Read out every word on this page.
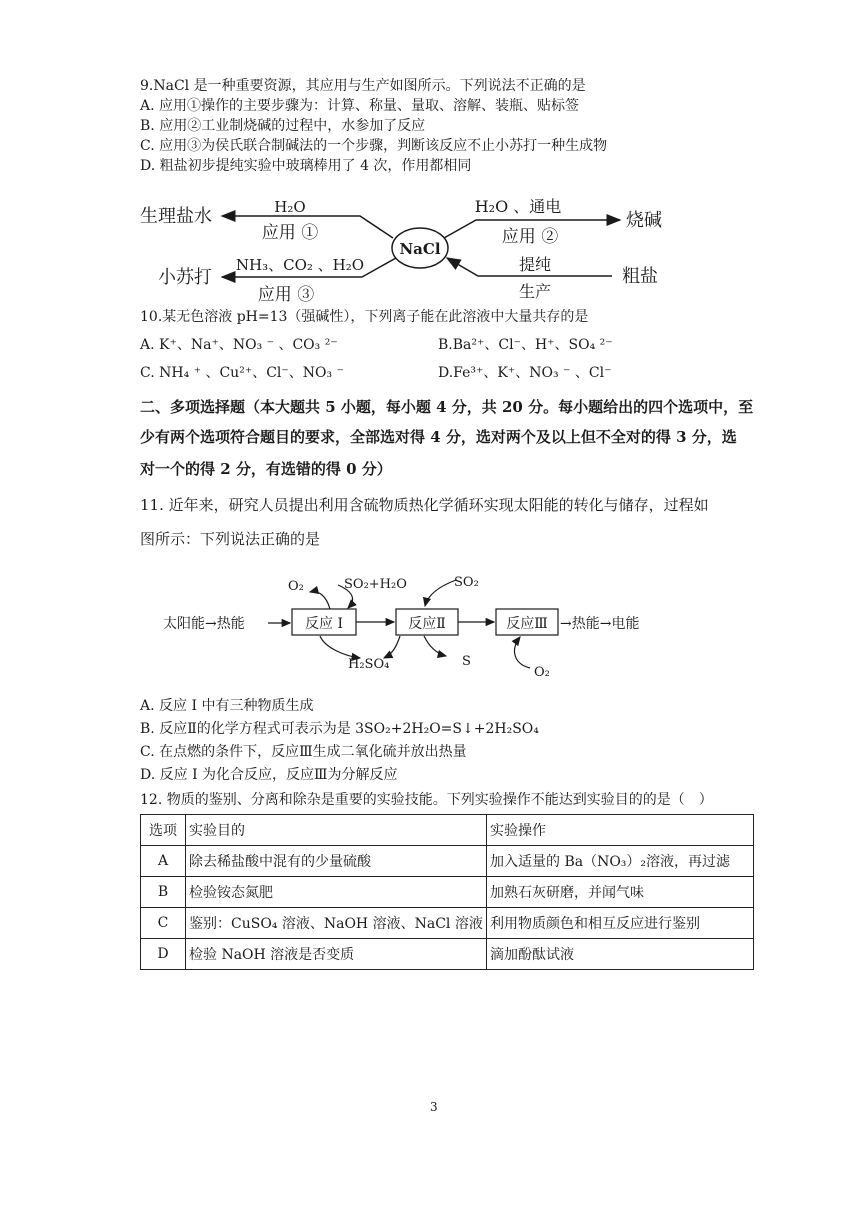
9.NaCl 是一种重要资源，其应用与生产如图所示。下列说法不正确的是
A. 应用①操作的主要步骤为：计算、称量、量取、溶解、装瓶、贴标签
B. 应用②工业制烧碱的过程中，水参加了反应
C. 应用③为侯氏联合制碱法的一个步骤，判断该反应不止小苏打一种生成物
D. 粗盐初步提纯实验中玻璃棒用了 4 次，作用都相同
NaCl
生理盐水	H₂O
应用 ①
小苏打
NH₃、CO₂ 、H₂O
应用 ③
烧碱
H₂O 、通电
应用 ②
粗盐
提纯
生产
10.某无色溶液 pH=13（强碱性），下列离子能在此溶液中大量共存的是
A. K⁺、Na⁺、NO₃ ⁻ 、CO₃ ²⁻	B.Ba²⁺、Cl⁻、H⁺、SO₄ ²⁻
C. NH₄ ⁺ 、Cu²⁺、Cl⁻、NO₃ ⁻	D.Fe³⁺、K⁺、NO₃ ⁻ 、Cl⁻
二、多项选择题（本大题共 5 小题，每小题 4 分，共 20 分。每小题给出的四个选项中，至
少有两个选项符合题目的要求，全部选对得 4 分，选对两个及以上但不全对的得 3 分，选
对一个的得 2 分，有选错的得 0 分）
11. 近年来，研究人员提出利用含硫物质热化学循环实现太阳能的转化与储存，过程如
图所示：下列说法正确的是
太阳能→热能	反应 I	反应Ⅱ	反应Ⅲ →热能→电能
O₂	SO₂+H₂O	SO₂
H₂SO₄	S
O₂
A. 反应 I 中有三种物质生成
B. 反应Ⅱ的化学方程式可表示为是 3SO₂+2H₂O=S↓+2H₂SO₄
C. 在点燃的条件下，反应Ⅲ生成二氧化硫并放出热量
D. 反应 I 为化合反应，反应Ⅲ为分解反应
12. 物质的鉴别、分离和除杂是重要的实验技能。下列实验操作不能达到实验目的的是（　）
选项	实验目的	实验操作
A	除去稀盐酸中混有的少量硫酸	加入适量的 Ba（NO₃）₂溶液，再过滤
B	检验铵态氮肥	加熟石灰研磨，并闻气味
C	鉴别：CuSO₄ 溶液、NaOH 溶液、NaCl 溶液	利用物质颜色和相互反应进行鉴别
D	检验 NaOH 溶液是否变质	滴加酚酞试液
3
